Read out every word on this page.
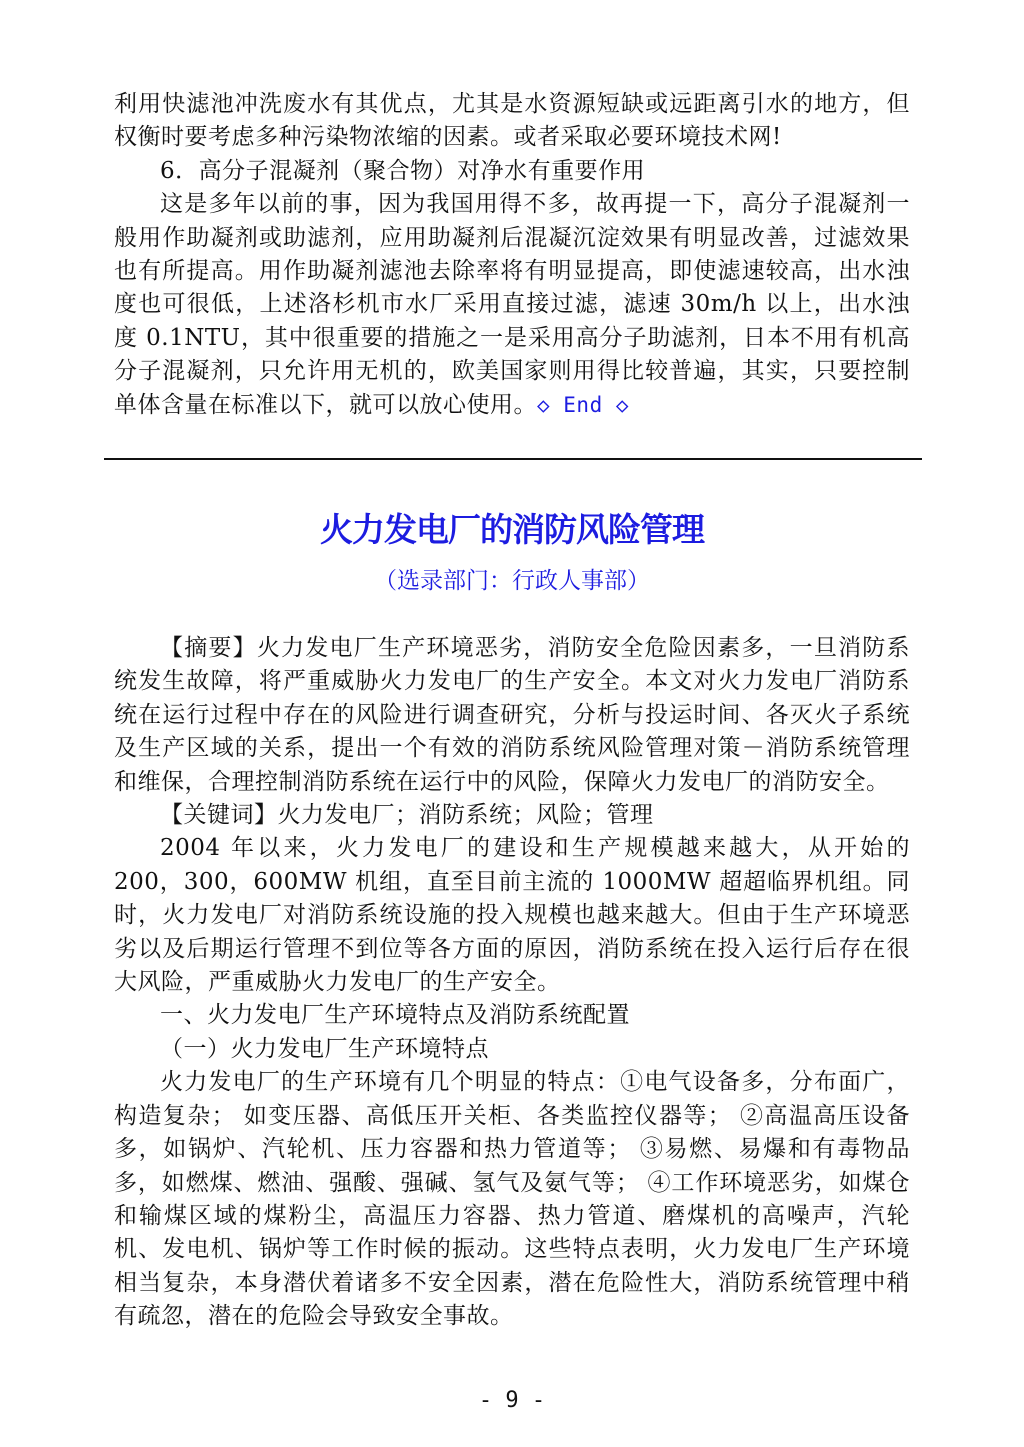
利用快滤池冲洗废水有其优点，尤其是水资源短缺或远距离引水的地方，但权衡时要考虑多种污染物浓缩的因素。或者采取必要环境技术网!

6．高分子混凝剂（聚合物）对净水有重要作用

这是多年以前的事，因为我国用得不多，故再提一下，高分子混凝剂一般用作助凝剂或助滤剂，应用助凝剂后混凝沉淀效果有明显改善，过滤效果也有所提高。用作助凝剂滤池去除率将有明显提高，即使滤速较高，出水浊度也可很低，上述洛杉机市水厂采用直接过滤，滤速 30m/h 以上，出水浊度 0.1NTU，其中很重要的措施之一是采用高分子助滤剂，日本不用有机高分子混凝剂，只允许用无机的，欧美国家则用得比较普遍，其实，只要控制单体含量在标准以下，就可以放心使用。◇ End ◇

火力发电厂的消防风险管理

（选录部门：行政人事部）

【摘要】火力发电厂生产环境恶劣，消防安全危险因素多，一旦消防系统发生故障，将严重威胁火力发电厂的生产安全。本文对火力发电厂消防系统在运行过程中存在的风险进行调查研究，分析与投运时间、各灭火子系统及生产区域的关系，提出一个有效的消防系统风险管理对策－消防系统管理和维保，合理控制消防系统在运行中的风险，保障火力发电厂的消防安全。

【关键词】火力发电厂；消防系统；风险；管理

2004 年以来，火力发电厂的建设和生产规模越来越大，从开始的 200，300，600MW 机组，直至目前主流的 1000MW 超超临界机组。同时，火力发电厂对消防系统设施的投入规模也越来越大。但由于生产环境恶劣以及后期运行管理不到位等各方面的原因，消防系统在投入运行后存在很大风险，严重威胁火力发电厂的生产安全。

一、火力发电厂生产环境特点及消防系统配置

（一）火力发电厂生产环境特点

火力发电厂的生产环境有几个明显的特点：①电气设备多，分布面广，构造复杂； 如变压器、高低压开关柜、各类监控仪器等； ②高温高压设备多，如锅炉、汽轮机、压力容器和热力管道等； ③易燃、易爆和有毒物品多，如燃煤、燃油、强酸、强碱、氢气及氨气等； ④工作环境恶劣，如煤仓和输煤区域的煤粉尘，高温压力容器、热力管道、磨煤机的高噪声，汽轮机、发电机、锅炉等工作时候的振动。这些特点表明，火力发电厂生产环境相当复杂，本身潜伏着诸多不安全因素，潜在危险性大，消防系统管理中稍有疏忽，潜在的危险会导致安全事故。

- 9 -
